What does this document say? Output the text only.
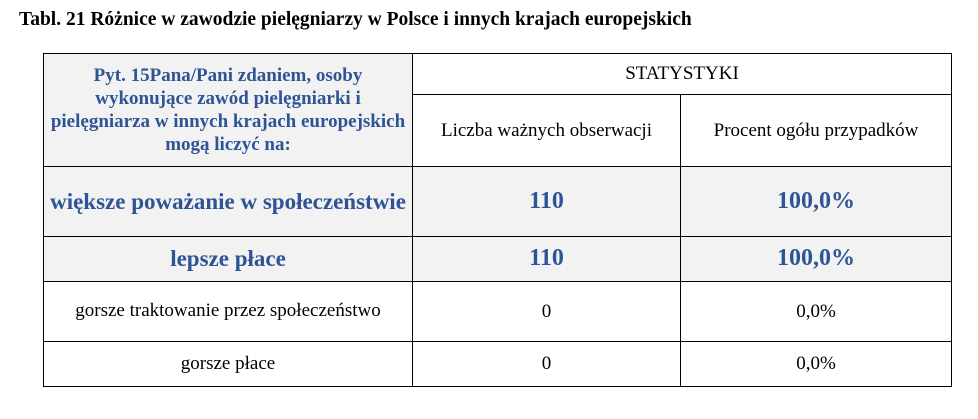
Tabl. 21 Różnice w zawodzie pielęgniarzy w Polsce i innych krajach europejskich
Pyt. 15Pana/Pani zdaniem, osoby wykonujące zawód pielęgniarki i pielęgniarza w innych krajach europejskich mogą liczyć na:	STATYSTYKI	
	Liczba ważnych obserwacji	Procent ogółu przypadków
większe poważanie w społeczeństwie	110	100,0%
lepsze płace	110	100,0%
gorsze traktowanie przez społeczeństwo	0	0,0%
gorsze płace	0	0,0%
